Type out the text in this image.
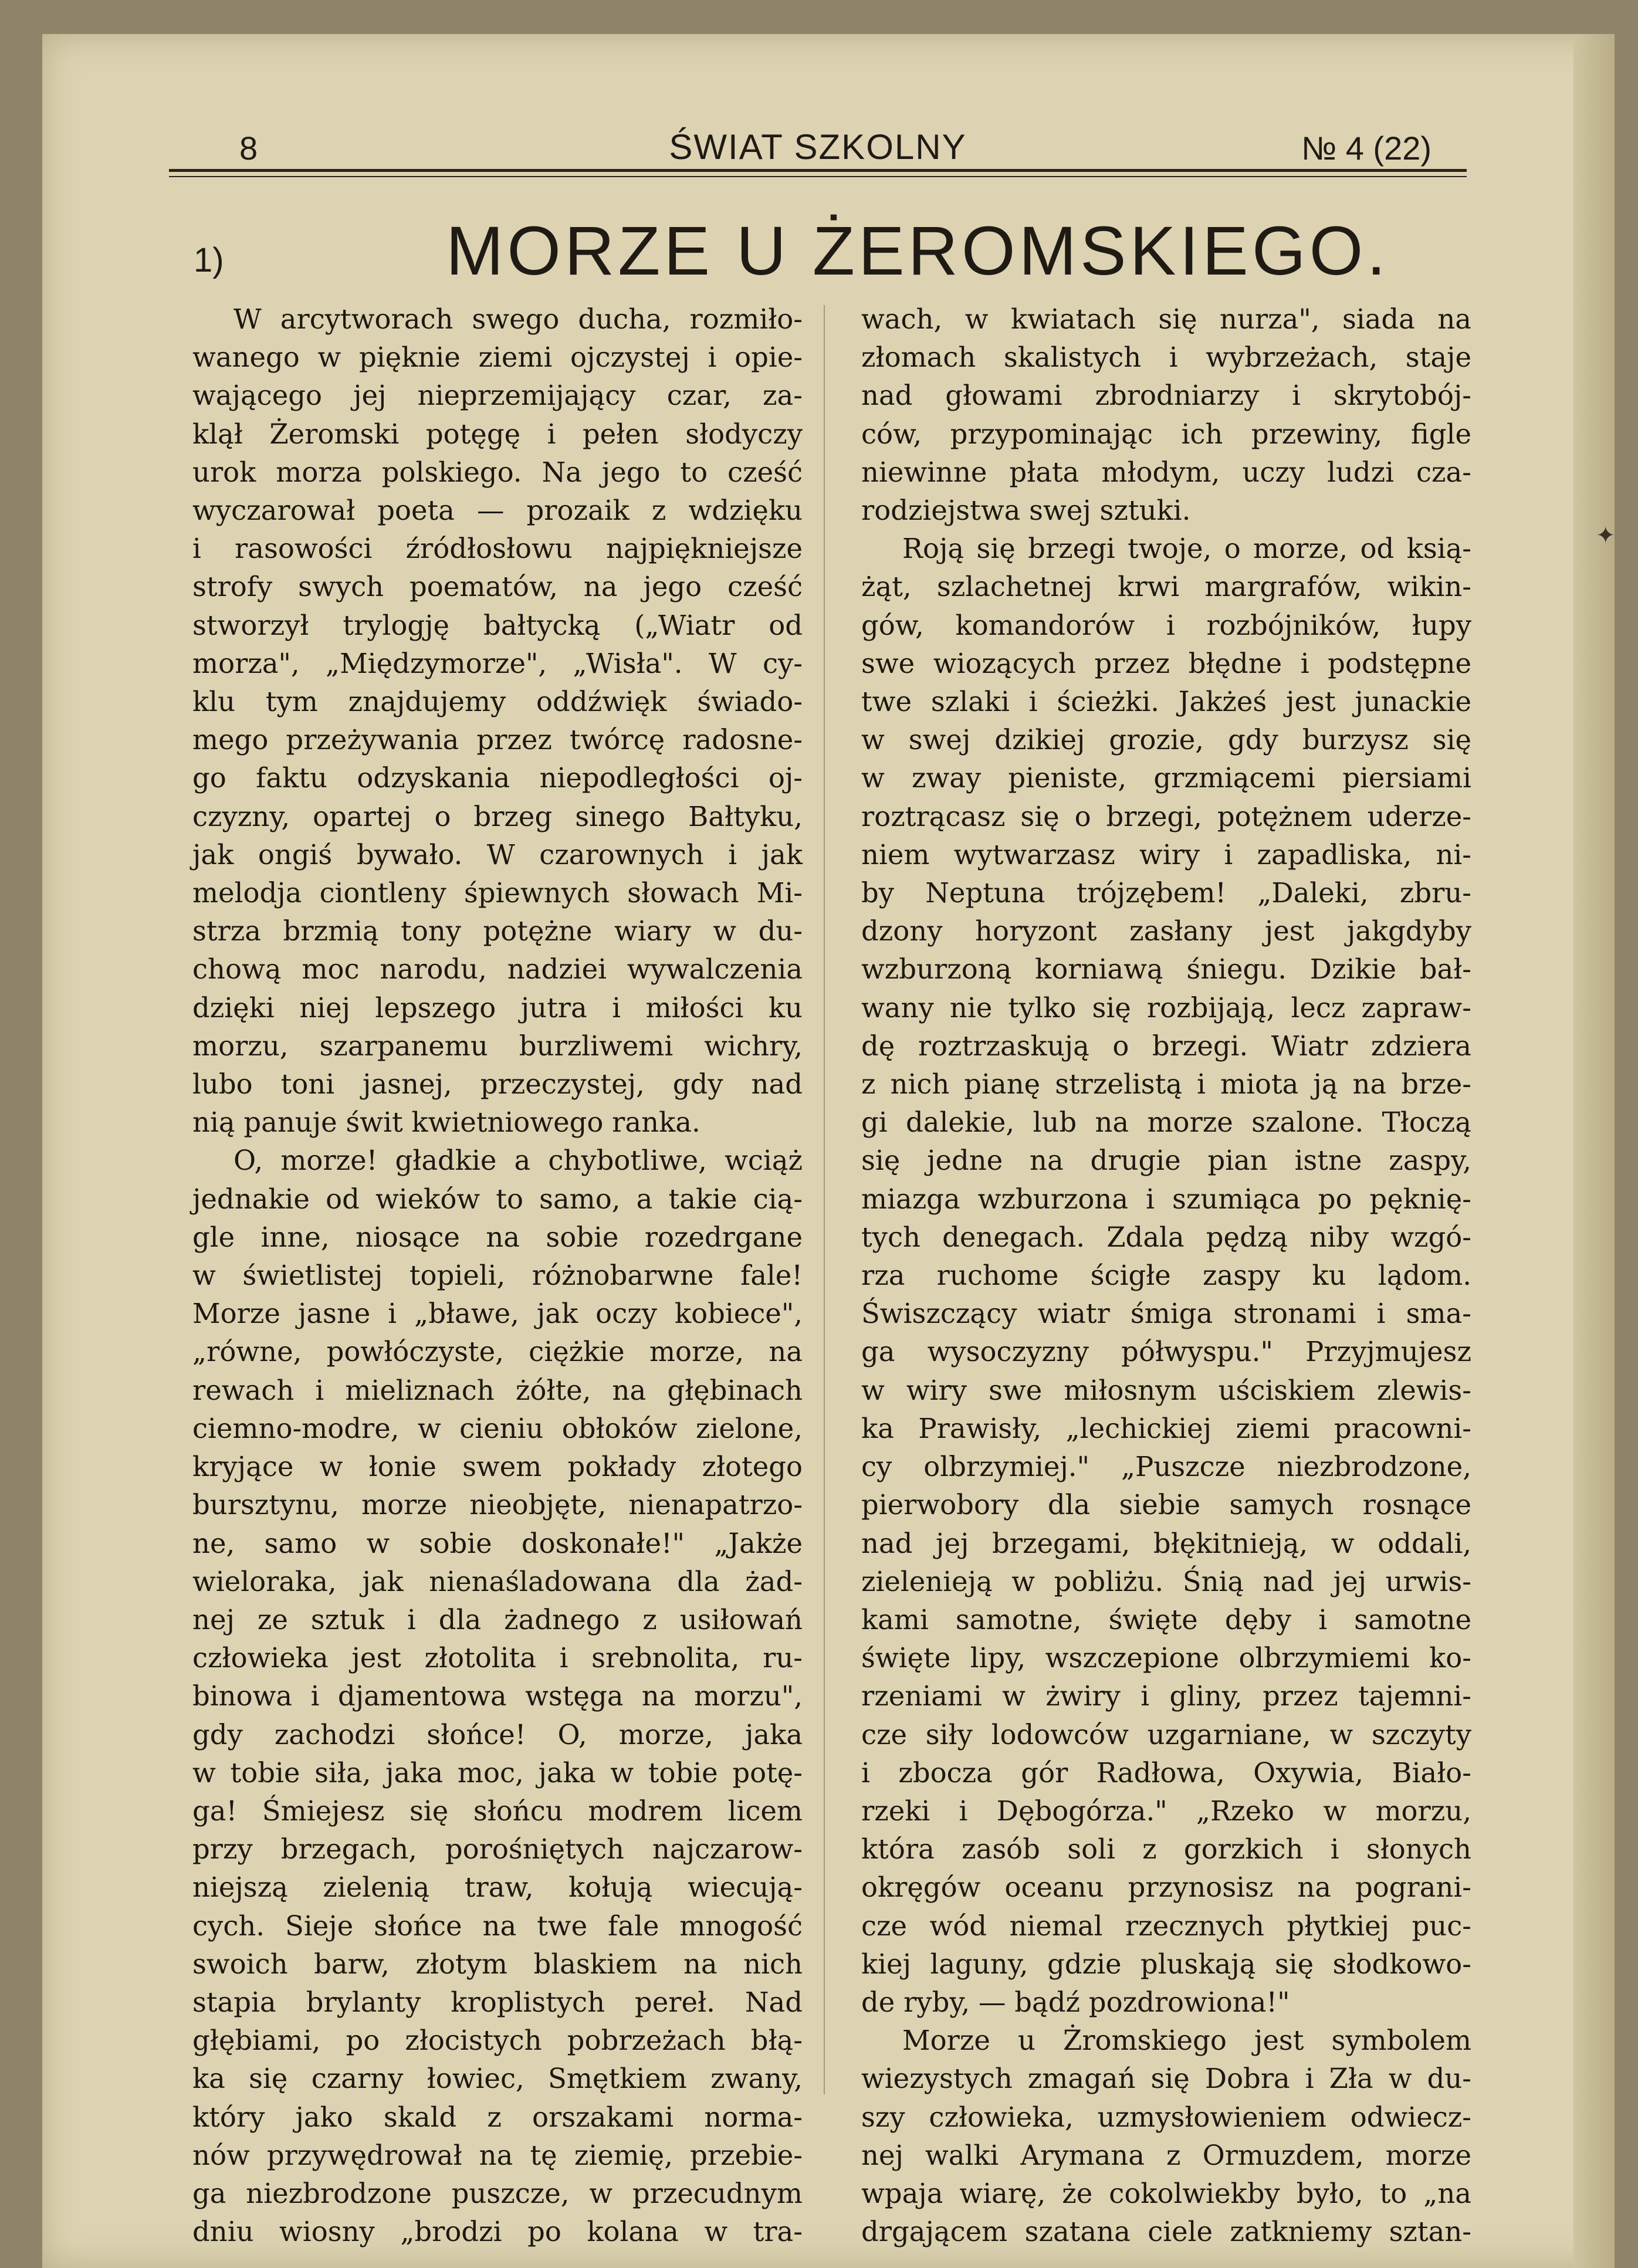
8	ŚWIAT SZKOLNY	№ 4 (22)
1)	MORZE U ŻEROMSKIEGO.
W arcytworach swego ducha, rozmiło-
wanego w pięknie ziemi ojczystej i opie-
wającego jej nieprzemijający czar, za-
klął Żeromski potęgę i pełen słodyczy
urok morza polskiego. Na jego to cześć
wyczarował poeta — prozaik z wdzięku
i rasowości źródłosłowu najpiękniejsze
strofy swych poematów, na jego cześć
stworzył trylogję bałtycką („Wiatr od
morza", „Międzymorze", „Wisła". W cy-
klu tym znajdujemy oddźwięk świado-
mego przeżywania przez twórcę radosne-
go faktu odzyskania niepodległości oj-
czyzny, opartej o brzeg sinego Bałtyku,
jak ongiś bywało. W czarownych i jak
melodja ciontleny śpiewnych słowach Mi-
strza brzmią tony potężne wiary w du-
chową moc narodu, nadziei wywalczenia
dzięki niej lepszego jutra i miłości ku
morzu, szarpanemu burzliwemi wichry,
lubo toni jasnej, przeczystej, gdy nad
nią panuje świt kwietniowego ranka.
O, morze! gładkie a chybotliwe, wciąż
jednakie od wieków to samo, a takie cią-
gle inne, niosące na sobie rozedrgane
w świetlistej topieli, różnobarwne fale!
Morze jasne i „bławe, jak oczy kobiece",
„równe, powłóczyste, ciężkie morze, na
rewach i mieliznach żółte, na głębinach
ciemno-modre, w cieniu obłoków zielone,
kryjące w łonie swem pokłady złotego
bursztynu, morze nieobjęte, nienapatrzo-
ne, samo w sobie doskonałe!" „Jakże
wieloraka, jak nienaśladowana dla żad-
nej ze sztuk i dla żadnego z usiłowań
człowieka jest złotolita i srebnolita, ru-
binowa i djamentowa wstęga na morzu",
gdy zachodzi słońce! O, morze, jaka
w tobie siła, jaka moc, jaka w tobie potę-
ga! Śmiejesz się słońcu modrem licem
przy brzegach, porośniętych najczarow-
niejszą zielenią traw, kołują wiecują-
cych. Sieje słońce na twe fale mnogość
swoich barw, złotym blaskiem na nich
stapia brylanty kroplistych pereł. Nad
głębiami, po złocistych pobrzeżach błą-
ka się czarny łowiec, Smętkiem zwany,
który jako skald z orszakami norma-
nów przywędrował na tę ziemię, przebie-
ga niezbrodzone puszcze, w przecudnym
dniu wiosny „brodzi po kolana w tra-
wach, w kwiatach się nurza", siada na
złomach skalistych i wybrzeżach, staje
nad głowami zbrodniarzy i skrytobój-
ców, przypominając ich przewiny, figle
niewinne płata młodym, uczy ludzi cza-
rodziejstwa swej sztuki.
Roją się brzegi twoje, o morze, od ksią-
żąt, szlachetnej krwi margrafów, wikin-
gów, komandorów i rozbójników, łupy
swe wiozących przez błędne i podstępne
twe szlaki i ścieżki. Jakżeś jest junackie
w swej dzikiej grozie, gdy burzysz się
w zway pieniste, grzmiącemi piersiami
roztrącasz się o brzegi, potężnem uderze-
niem wytwarzasz wiry i zapadliska, ni-
by Neptuna trójzębem! „Daleki, zbru-
dzony horyzont zasłany jest jakgdyby
wzburzoną korniawą śniegu. Dzikie bał-
wany nie tylko się rozbijają, lecz zapraw-
dę roztrzaskują o brzegi. Wiatr zdziera
z nich pianę strzelistą i miota ją na brze-
gi dalekie, lub na morze szalone. Tłoczą
się jedne na drugie pian istne zaspy,
miazga wzburzona i szumiąca po pęknię-
tych denegach. Zdala pędzą niby wzgó-
rza ruchome ścigłe zaspy ku lądom.
Świszczący wiatr śmiga stronami i sma-
ga wysoczyzny półwyspu." Przyjmujesz
w wiry swe miłosnym uściskiem zlewis-
ka Prawisły, „lechickiej ziemi pracowni-
cy olbrzymiej." „Puszcze niezbrodzone,
pierwobory dla siebie samych rosnące
nad jej brzegami, błękitnieją, w oddali,
zielenieją w pobliżu. Śnią nad jej urwis-
kami samotne, święte dęby i samotne
święte lipy, wszczepione olbrzymiemi ko-
rzeniami w żwiry i gliny, przez tajemni-
cze siły lodowców uzgarniane, w szczyty
i zbocza gór Radłowa, Oxywia, Biało-
rzeki i Dębogórza." „Rzeko w morzu,
która zasób soli z gorzkich i słonych
okręgów oceanu przynosisz na pograni-
cze wód niemal rzecznych płytkiej puc-
kiej laguny, gdzie pluskają się słodkowo-
de ryby, — bądź pozdrowiona!"
Morze u Żromskiego jest symbolem
wiezystych zmagań się Dobra i Zła w du-
szy człowieka, uzmysłowieniem odwiecz-
nej walki Arymana z Ormuzdem, morze
wpaja wiarę, że cokolwiekby było, to „na
drgającem szatana ciele zatkniemy sztan-
✦
